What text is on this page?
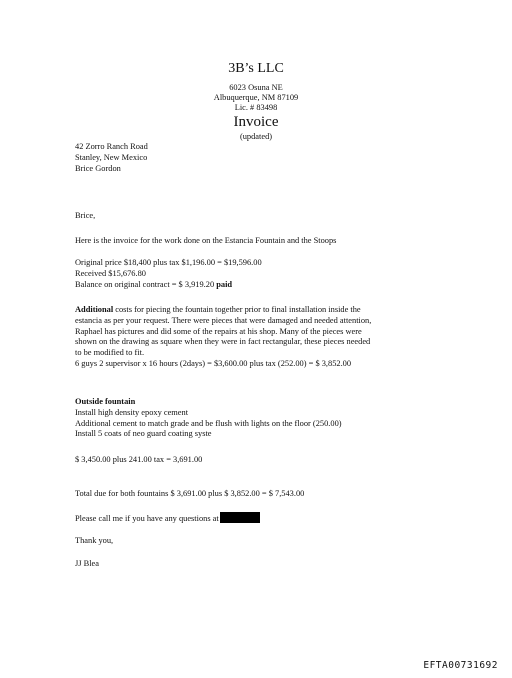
3B’s LLC
6023 Osuna NE
Albuquerque, NM 87109
Lic. # 83498
Invoice
(updated)
42 Zorro Ranch Road
Stanley, New Mexico
Brice Gordon
Brice,
Here is the invoice for the work done on the Estancia Fountain and the Stoops
Original price $18,400 plus tax $1,196.00 = $19,596.00
Received $15,676.80
Balance on original contract = $ 3,919.20 paid
Additional costs for piecing the fountain together prior to final installation inside the
estancia as per your request. There were pieces that were damaged and needed attention,
Raphael has pictures and did some of the repairs at his shop. Many of the pieces were
shown on the drawing as square when they were in fact rectangular, these pieces needed
to be modified to fit.
6 guys 2 supervisor x 16 hours (2days) = $3,600.00 plus tax (252.00) = $ 3,852.00
Outside fountain
Install high density epoxy cement
Additional cement to match grade and be flush with lights on the floor (250.00)
Install 5 coats of neo guard coating syste
$ 3,450.00 plus 241.00 tax = 3,691.00
Total due for both fountains $ 3,691.00 plus $ 3,852.00 = $ 7,543.00
Please call me if you have any questions at
Thank you,
JJ Blea
EFTA00731692
